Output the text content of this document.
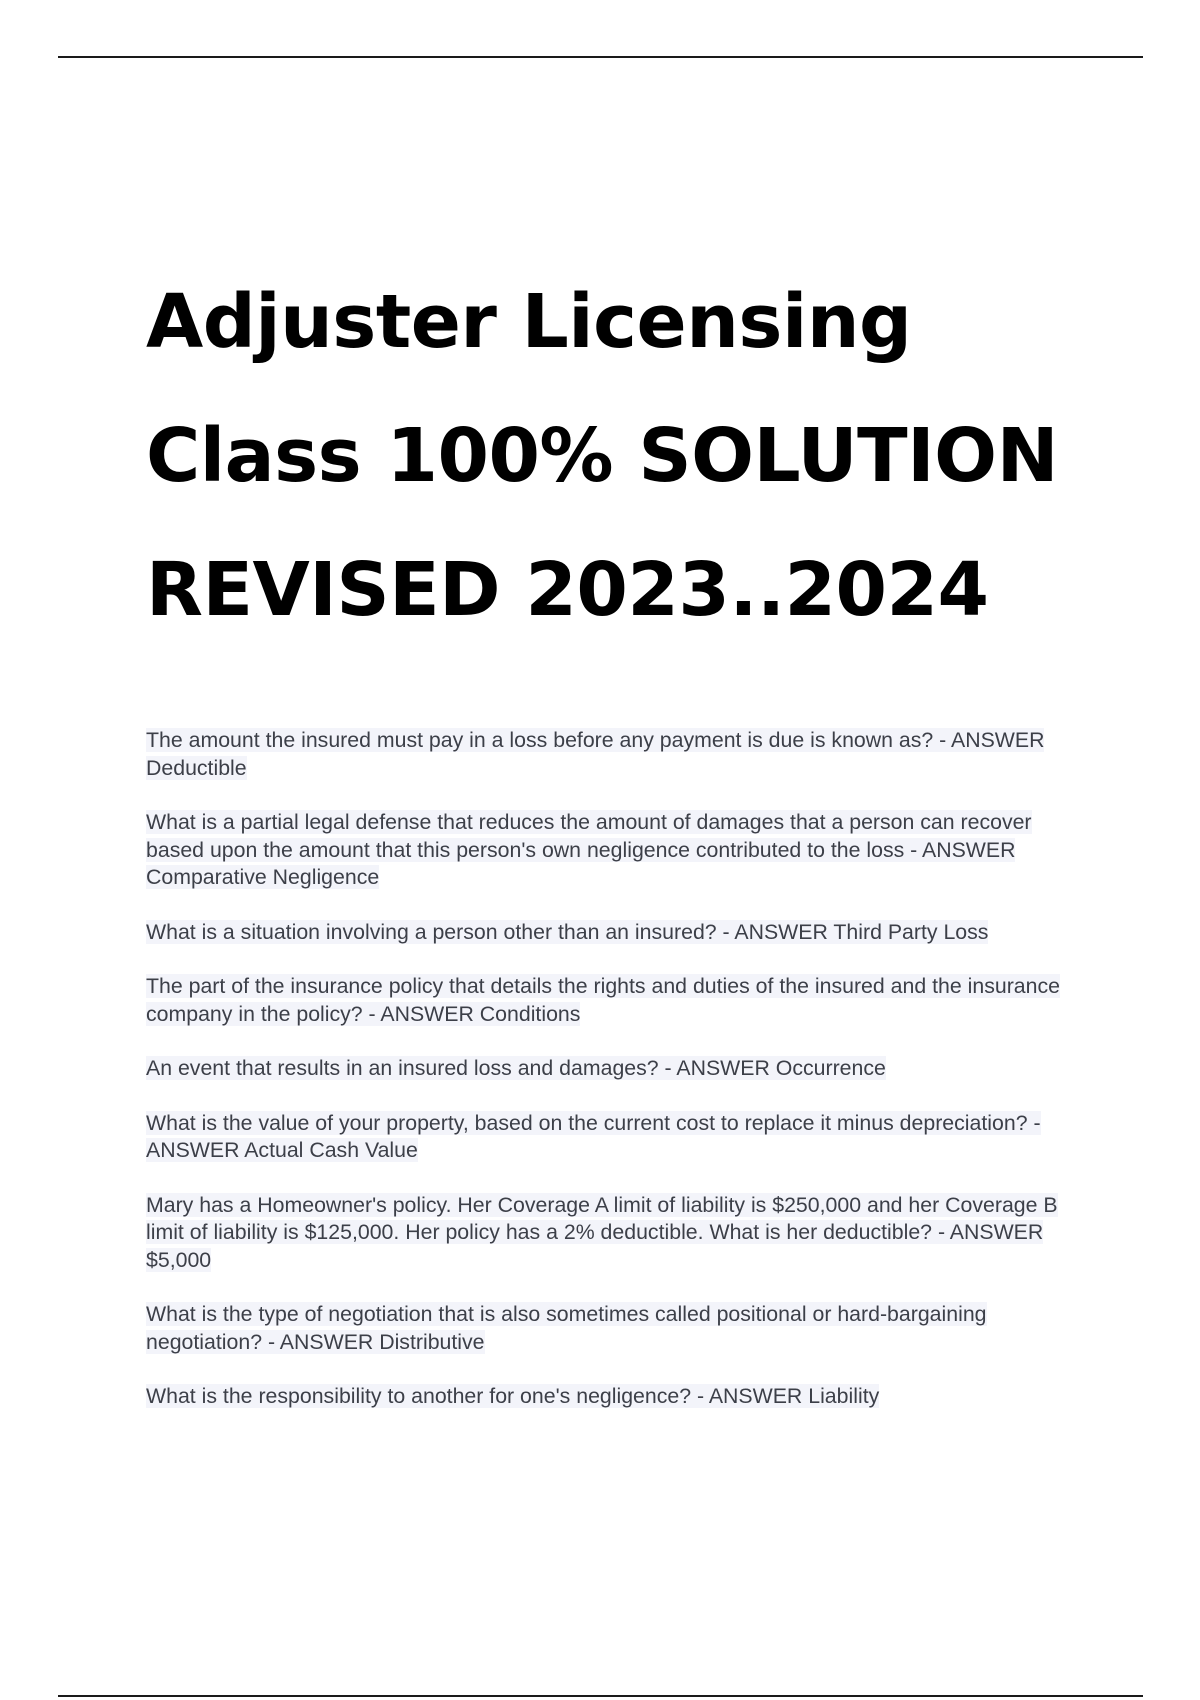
Adjuster Licensing
Class 100% SOLUTION
REVISED 2023..2024
The amount the insured must pay in a loss before any payment is due is known as? - ANSWER Deductible
What is a partial legal defense that reduces the amount of damages that a person can recover based upon the amount that this person's own negligence contributed to the loss - ANSWER Comparative Negligence
What is a situation involving a person other than an insured? - ANSWER Third Party Loss
The part of the insurance policy that details the rights and duties of the insured and the insurance company in the policy? - ANSWER Conditions
An event that results in an insured loss and damages? - ANSWER Occurrence
What is the value of your property, based on the current cost to replace it minus depreciation? - ANSWER Actual Cash Value
Mary has a Homeowner's policy. Her Coverage A limit of liability is $250,000 and her Coverage B limit of liability is $125,000. Her policy has a 2% deductible. What is her deductible? - ANSWER $5,000
What is the type of negotiation that is also sometimes called positional or hard-bargaining negotiation? - ANSWER Distributive
What is the responsibility to another for one's negligence? - ANSWER Liability
